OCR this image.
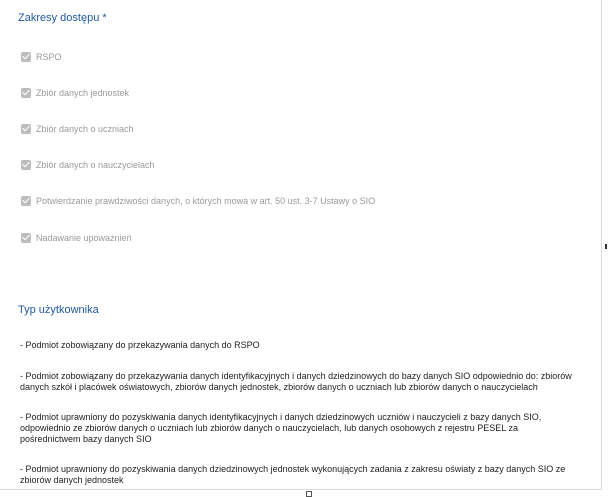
Zakresy dostępu *
RSPO
Zbiór danych jednostek
Zbiór danych o uczniach
Zbiór danych o nauczycielach
Potwierdzanie prawdziwości danych, o których mowa w art. 50 ust. 3-7 Ustawy o SIO
Nadawanie upoważnień
Typ użytkownika
- Podmiot zobowiązany do przekazywania danych do RSPO
- Podmiot zobowiązany do przekazywania danych identyfikacyjnych i danych dziedzinowych do bazy danych SIO odpowiednio do: zbiorów danych szkół i placówek oświatowych, zbiorów danych jednostek, zbiorów danych o uczniach lub zbiorów danych o nauczycielach
- Podmiot uprawniony do pozyskiwania danych identyfikacyjnych i danych dziedzinowych uczniów i nauczycieli z bazy danych SIO, odpowiednio ze zbiorów danych o uczniach lub zbiorów danych o nauczycielach, lub danych osobowych z rejestru PESEL za pośrednictwem bazy danych SIO
- Podmiot uprawniony do pozyskiwania danych dziedzinowych jednostek wykonujących zadania z zakresu oświaty z bazy danych SIO ze zbiorów danych jednostek
